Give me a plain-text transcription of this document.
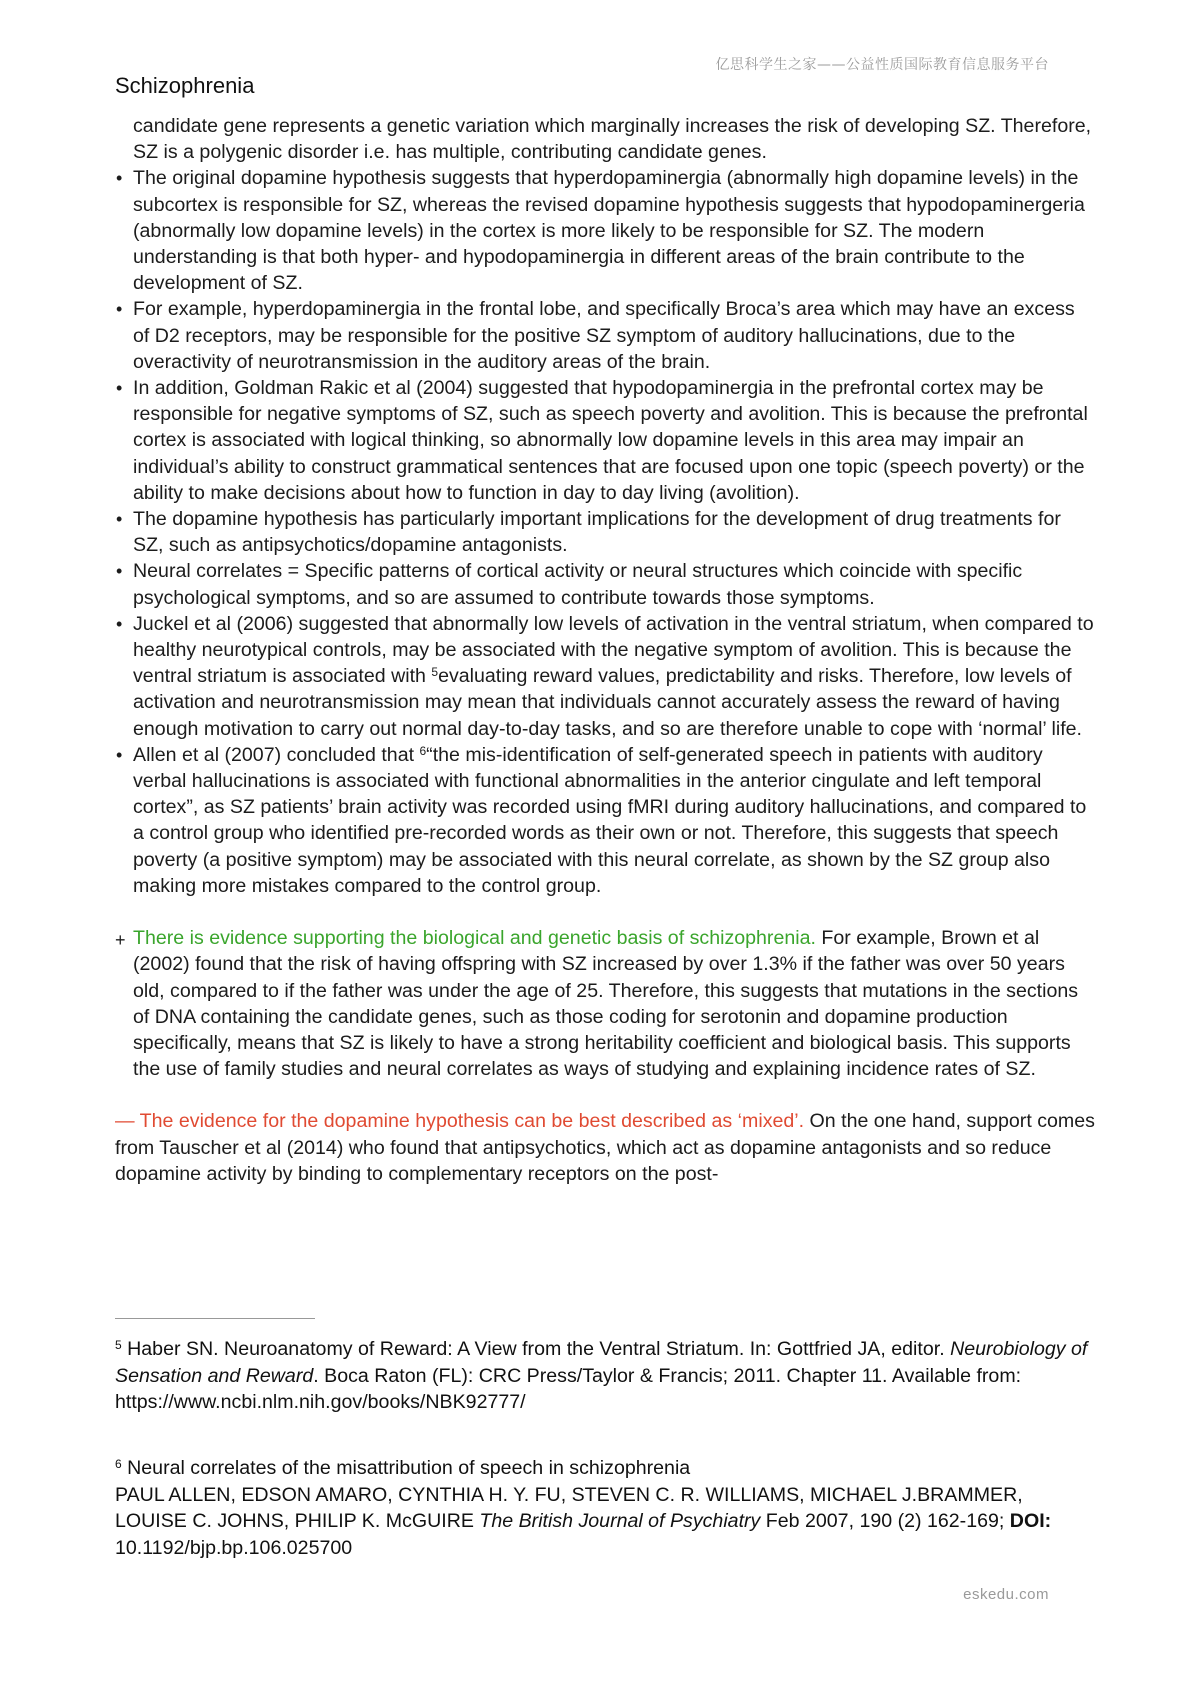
亿思科学生之家——公益性质国际教育信息服务平台
Schizophrenia
candidate gene represents a genetic variation which marginally increases the risk of developing SZ. Therefore, SZ is a polygenic disorder i.e. has multiple, contributing candidate genes.
• The original dopamine hypothesis suggests that hyperdopaminergia (abnormally high dopamine levels) in the subcortex is responsible for SZ, whereas the revised dopamine hypothesis suggests that hypodopaminergeria (abnormally low dopamine levels) in the cortex is more likely to be responsible for SZ. The modern understanding is that both hyper- and hypodopaminergia in different areas of the brain contribute to the development of SZ.
• For example, hyperdopaminergia in the frontal lobe, and specifically Broca’s area which may have an excess of D2 receptors, may be responsible for the positive SZ symptom of auditory hallucinations, due to the overactivity of neurotransmission in the auditory areas of the brain.
• In addition, Goldman Rakic et al (2004) suggested that hypodopaminergia in the prefrontal cortex may be responsible for negative symptoms of SZ, such as speech poverty and avolition. This is because the prefrontal cortex is associated with logical thinking, so abnormally low dopamine levels in this area may impair an individual’s ability to construct grammatical sentences that are focused upon one topic (speech poverty) or the ability to make decisions about how to function in day to day living (avolition).
• The dopamine hypothesis has particularly important implications for the development of drug treatments for SZ, such as antipsychotics/dopamine antagonists.
• Neural correlates = Specific patterns of cortical activity or neural structures which coincide with specific psychological symptoms, and so are assumed to contribute towards those symptoms.
• Juckel et al (2006) suggested that abnormally low levels of activation in the ventral striatum, when compared to healthy neurotypical controls, may be associated with the negative symptom of avolition. This is because the ventral striatum is associated with $^5$evaluating reward values, predictability and risks. Therefore, low levels of activation and neurotransmission may mean that individuals cannot accurately assess the reward of having enough motivation to carry out normal day-to-day tasks, and so are therefore unable to cope with ‘normal’ life.
• Allen et al (2007) concluded that $^6$“the mis-identification of self-generated speech in patients with auditory verbal hallucinations is associated with functional abnormalities in the anterior cingulate and left temporal cortex”, as SZ patients’ brain activity was recorded using fMRI during auditory hallucinations, and compared to a control group who identified pre-recorded words as their own or not. Therefore, this suggests that speech poverty (a positive symptom) may be associated with this neural correlate, as shown by the SZ group also making more mistakes compared to the control group.
+ There is evidence supporting the biological and genetic basis of schizophrenia. For example, Brown et al (2002) found that the risk of having offspring with SZ increased by over 1.3% if the father was over 50 years old, compared to if the father was under the age of 25. Therefore, this suggests that mutations in the sections of DNA containing the candidate genes, such as those coding for serotonin and dopamine production specifically, means that SZ is likely to have a strong heritability coefficient and biological basis. This supports the use of family studies and neural correlates as ways of studying and explaining incidence rates of SZ.
— The evidence for the dopamine hypothesis can be best described as ‘mixed’. On the one hand, support comes from Tauscher et al (2014) who found that antipsychotics, which act as dopamine antagonists and so reduce dopamine activity by binding to complementary receptors on the post-
$^5$ Haber SN. Neuroanatomy of Reward: A View from the Ventral Striatum. In: Gottfried JA, editor. Neurobiology of Sensation and Reward. Boca Raton (FL): CRC Press/Taylor & Francis; 2011. Chapter 11. Available from: https://www.ncbi.nlm.nih.gov/books/NBK92777/
$^6$ Neural correlates of the misattribution of speech in schizophrenia
PAUL ALLEN, EDSON AMARO, CYNTHIA H. Y. FU, STEVEN C. R. WILLIAMS, MICHAEL J.BRAMMER, LOUISE C. JOHNS, PHILIP K. McGUIRE The British Journal of Psychiatry Feb 2007, 190 (2) 162-169; DOI: 10.1192/bjp.bp.106.025700
eskedu.com
